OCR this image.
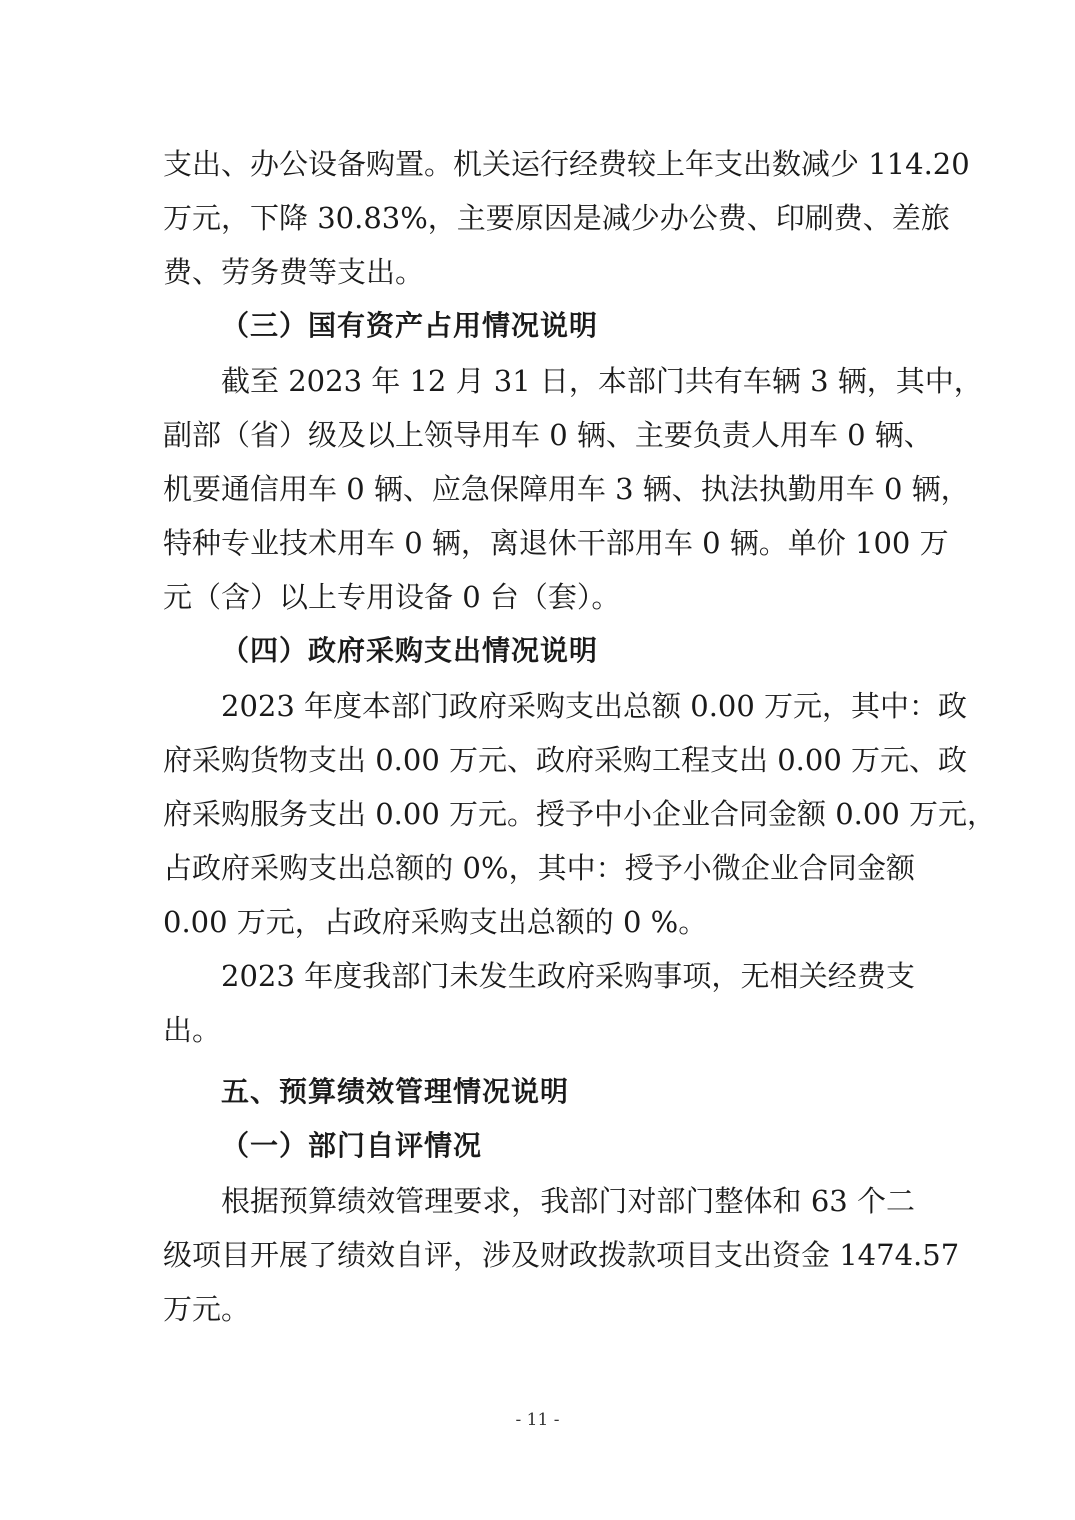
支出、办公设备购置。机关运行经费较上年支出数减少 114.20
万元，下降 30.83%，主要原因是减少办公费、印刷费、差旅
费、劳务费等支出。
（三）国有资产占用情况说明
截至 2023 年 12 月 31 日，本部门共有车辆 3 辆，其中，
副部（省）级及以上领导用车 0 辆、主要负责人用车 0 辆、
机要通信用车 0 辆、应急保障用车 3 辆、执法执勤用车 0 辆，
特种专业技术用车 0 辆，离退休干部用车 0 辆。单价 100 万
元（含）以上专用设备 0 台（套）。
（四）政府采购支出情况说明
2023 年度本部门政府采购支出总额 0.00 万元，其中：政
府采购货物支出 0.00 万元、政府采购工程支出 0.00 万元、政
府采购服务支出 0.00 万元。授予中小企业合同金额 0.00 万元，
占政府采购支出总额的 0%，其中：授予小微企业合同金额
0.00 万元，占政府采购支出总额的 0 %。
2023 年度我部门未发生政府采购事项，无相关经费支
出。
五、预算绩效管理情况说明
（一）部门自评情况
根据预算绩效管理要求，我部门对部门整体和 63 个二
级项目开展了绩效自评，涉及财政拨款项目支出资金 1474.57
万元。
- 11 -
